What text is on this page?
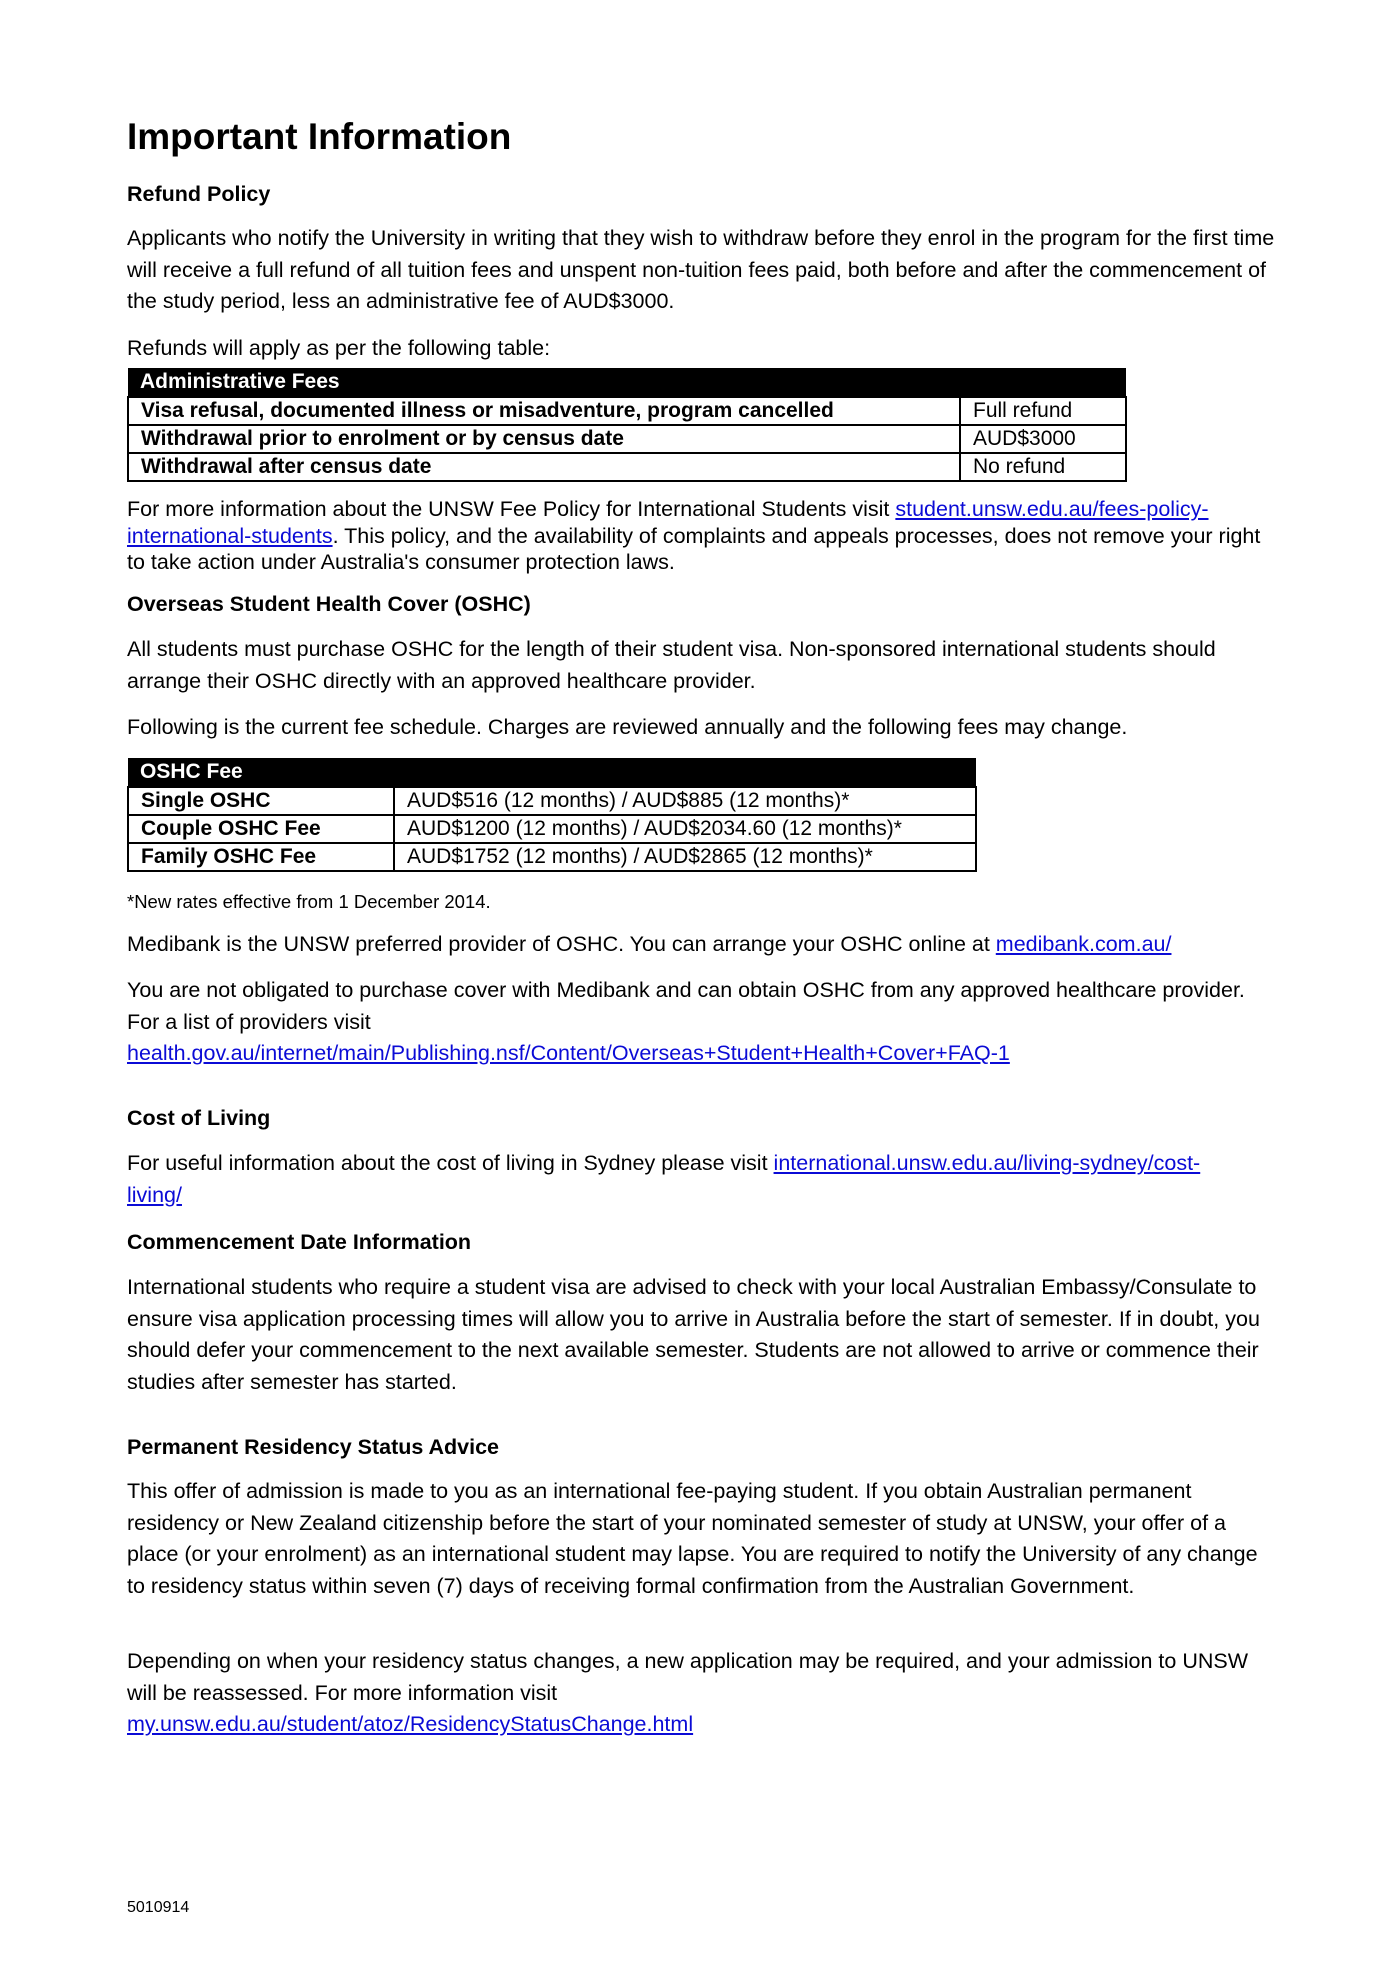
Important Information
Refund Policy

Applicants who notify the University in writing that they wish to withdraw before they enrol in the program for the first time will receive a full refund of all tuition fees and unspent non-tuition fees paid, both before and after the commencement of the study period, less an administrative fee of AUD$3000.

Refunds will apply as per the following table:

Administrative Fees	
Visa refusal, documented illness or misadventure, program cancelled	Full refund
Withdrawal prior to enrolment or by census date	AUD$3000
Withdrawal after census date	No refund

For more information about the UNSW Fee Policy for International Students visit student.unsw.edu.au/fees-policy-international-students. This policy, and the availability of complaints and appeals processes, does not remove your right to take action under Australia's consumer protection laws.

Overseas Student Health Cover (OSHC)

All students must purchase OSHC for the length of their student visa. Non-sponsored international students should arrange their OSHC directly with an approved healthcare provider.

Following is the current fee schedule. Charges are reviewed annually and the following fees may change.

OSHC Fee	
Single OSHC	AUD$516 (12 months) / AUD$885 (12 months)*
Couple OSHC Fee	AUD$1200 (12 months) / AUD$2034.60 (12 months)*
Family OSHC Fee	AUD$1752 (12 months) / AUD$2865 (12 months)*

*New rates effective from 1 December 2014.

Medibank is the UNSW preferred provider of OSHC. You can arrange your OSHC online at medibank.com.au/

You are not obligated to purchase cover with Medibank and can obtain OSHC from any approved healthcare provider. For a list of providers visit
health.gov.au/internet/main/Publishing.nsf/Content/Overseas+Student+Health+Cover+FAQ-1

Cost of Living

For useful information about the cost of living in Sydney please visit international.unsw.edu.au/living-sydney/cost-living/

Commencement Date Information

International students who require a student visa are advised to check with your local Australian Embassy/Consulate to ensure visa application processing times will allow you to arrive in Australia before the start of semester. If in doubt, you should defer your commencement to the next available semester. Students are not allowed to arrive or commence their studies after semester has started.

Permanent Residency Status Advice

This offer of admission is made to you as an international fee-paying student. If you obtain Australian permanent residency or New Zealand citizenship before the start of your nominated semester of study at UNSW, your offer of a place (or your enrolment) as an international student may lapse. You are required to notify the University of any change to residency status within seven (7) days of receiving formal confirmation from the Australian Government.

Depending on when your residency status changes, a new application may be required, and your admission to UNSW will be reassessed. For more information visit
my.unsw.edu.au/student/atoz/ResidencyStatusChange.html

5010914
